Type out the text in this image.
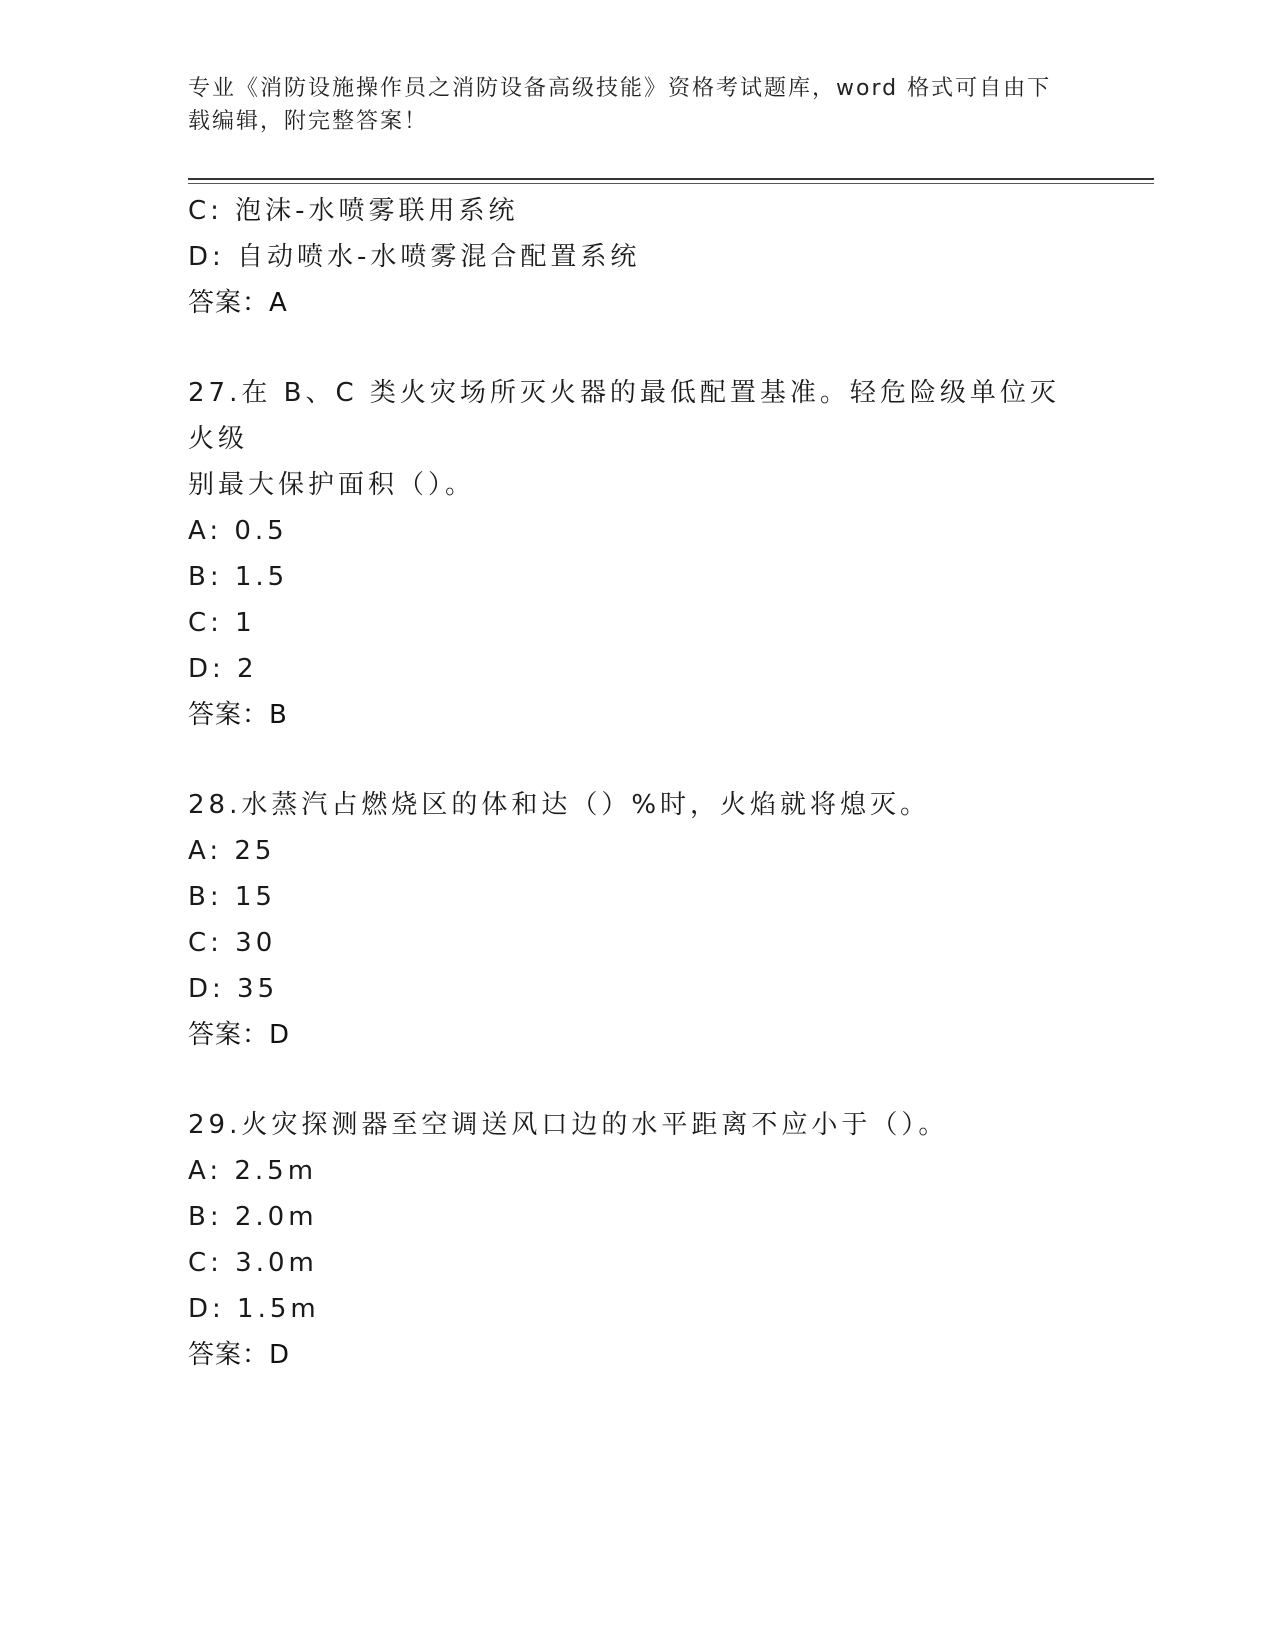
专业《消防设施操作员之消防设备高级技能》资格考试题库，word 格式可自由下
载编辑，附完整答案！
C: 泡沫-水喷雾联用系统
D: 自动喷水-水喷雾混合配置系统
答案：A
27.在 B、C 类火灾场所灭火器的最低配置基准。轻危险级单位灭火级
别最大保护面积（）。
A: 0.5
B: 1.5
C: 1
D: 2
答案：B
28.水蒸汽占燃烧区的体和达（）%时，火焰就将熄灭。
A: 25
B: 15
C: 30
D: 35
答案：D
29.火灾探测器至空调送风口边的水平距离不应小于（）。
A: 2.5m
B: 2.0m
C: 3.0m
D: 1.5m
答案：D
